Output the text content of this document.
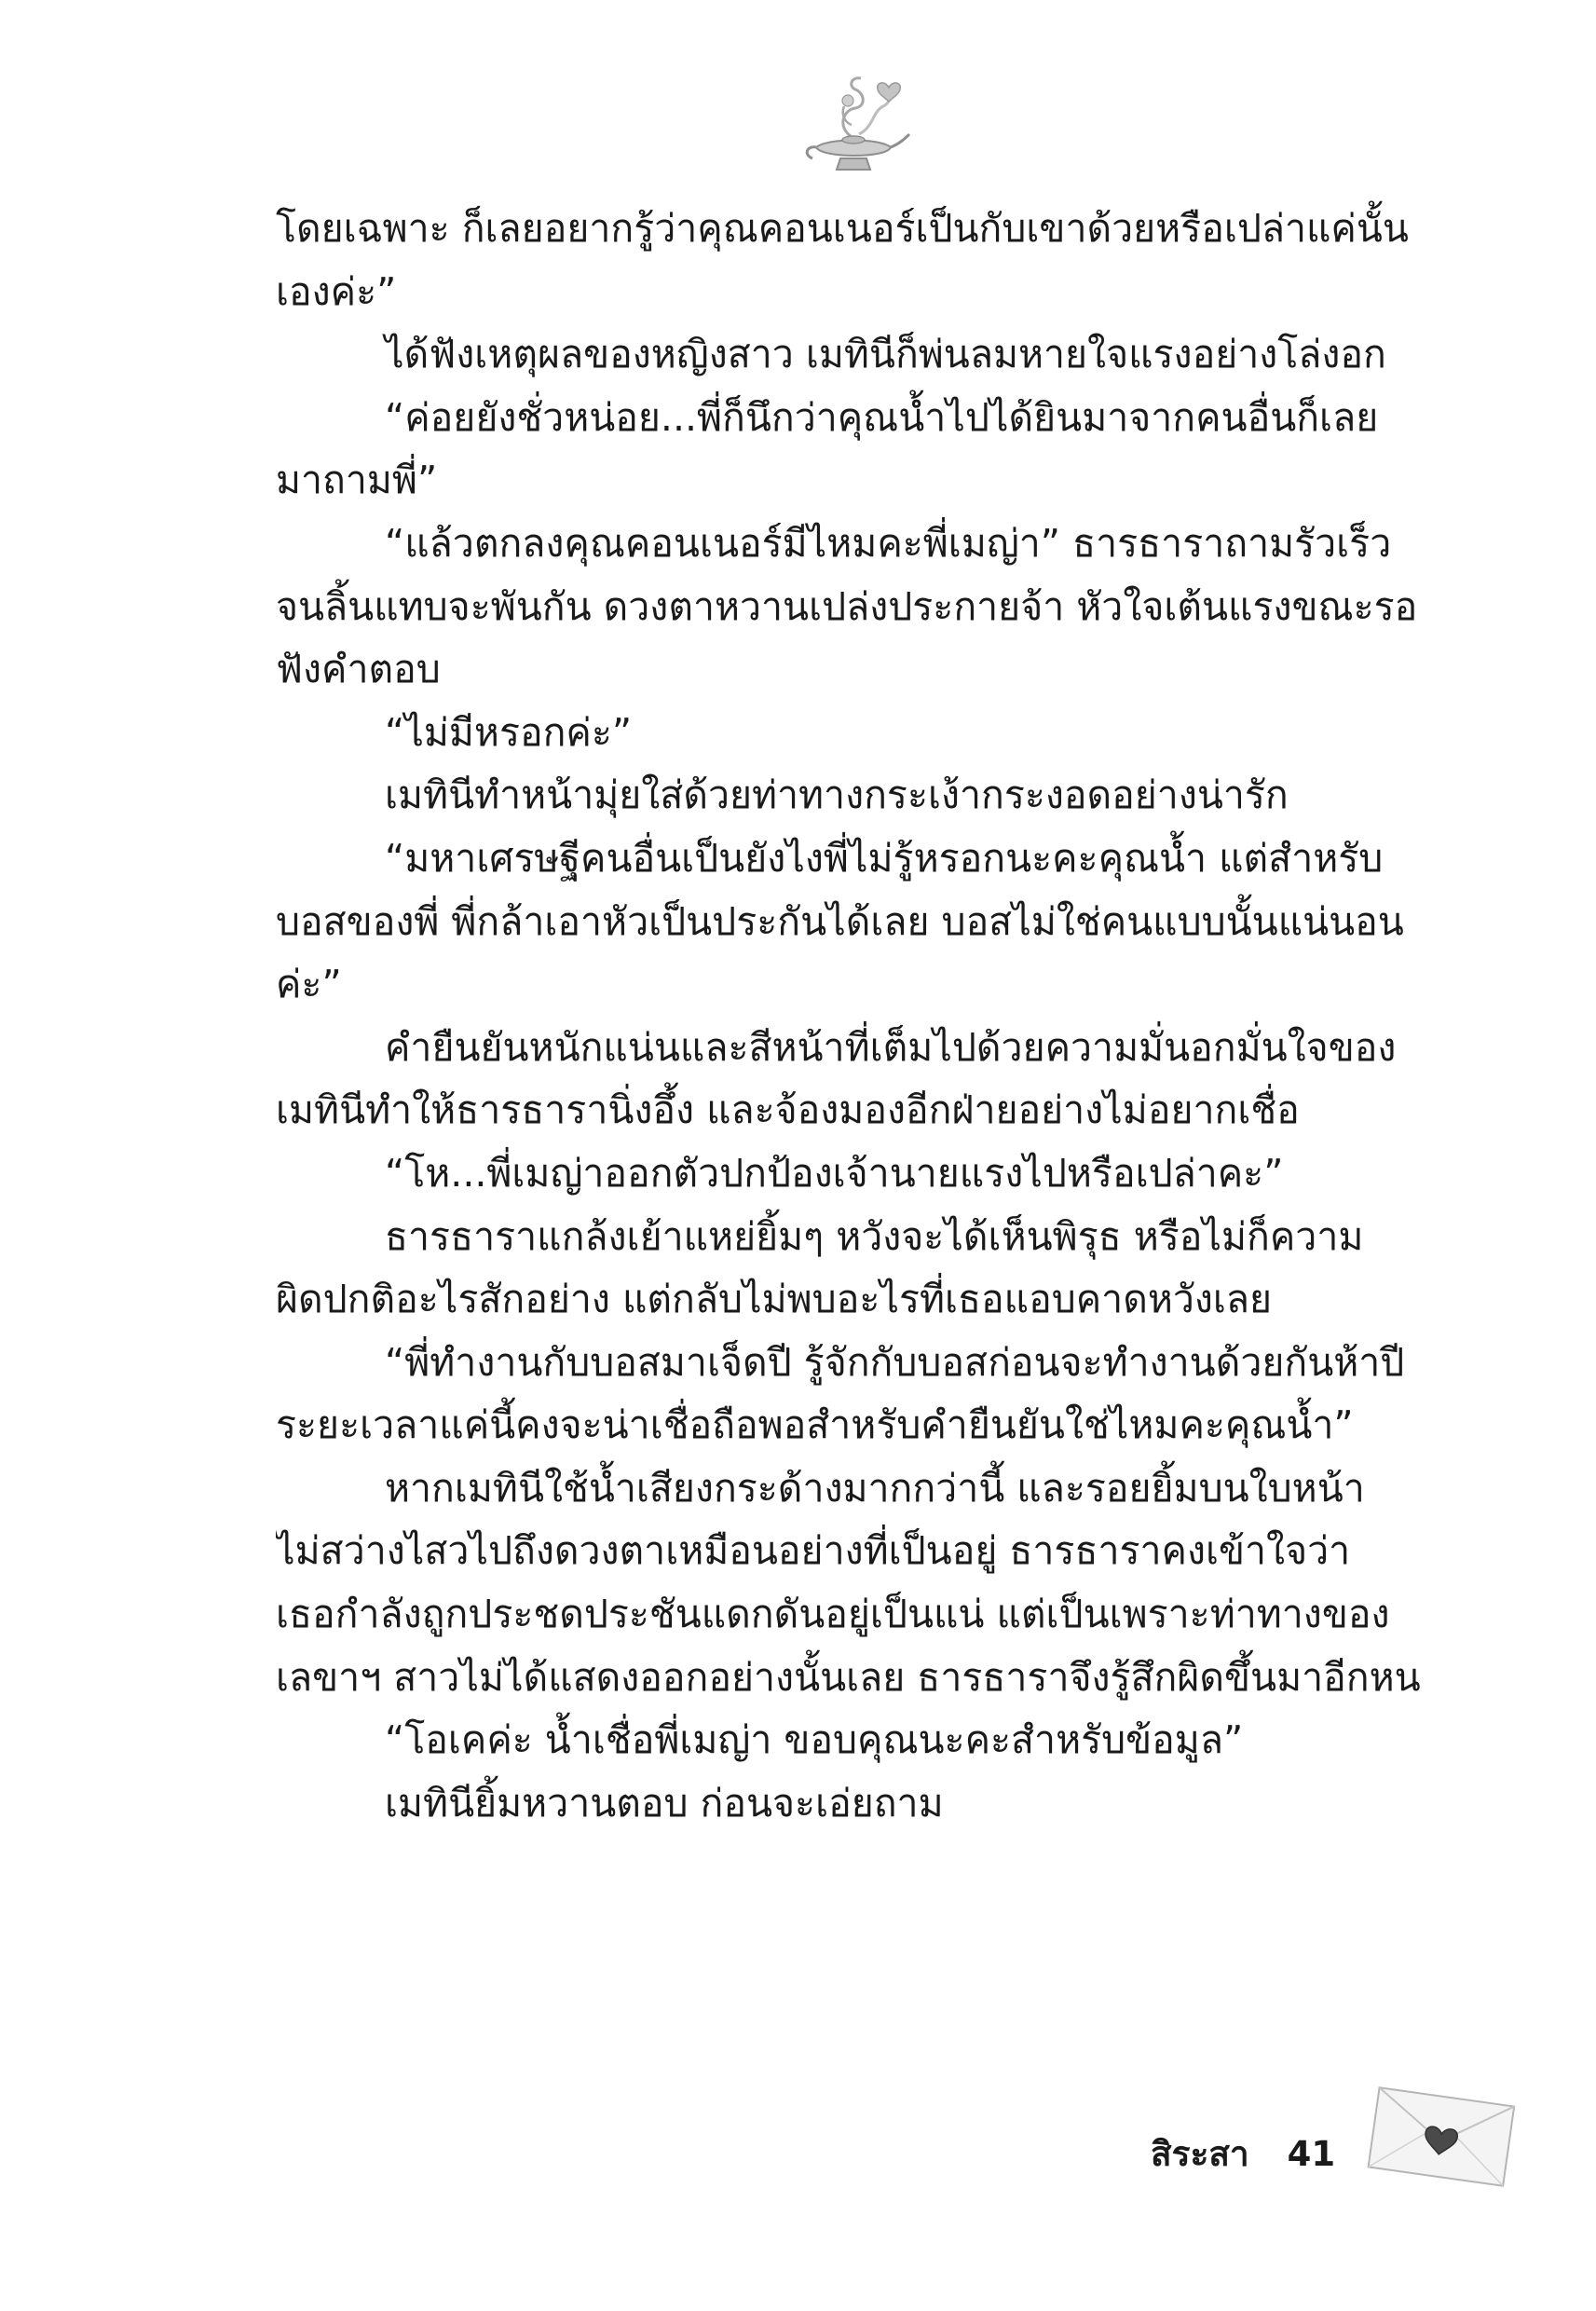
โดยเฉพาะ ก็เลยอยากรู้ว่าคุณคอนเนอร์เป็นกับเขาด้วยหรือเปล่าแค่นั้น

เองค่ะ”

ได้ฟังเหตุผลของหญิงสาว เมทินีก็พ่นลมหายใจแรงอย่างโล่งอก

“ค่อยยังชั่วหน่อย...พี่ก็นึกว่าคุณน้ำไปได้ยินมาจากคนอื่นก็เลย

มาถามพี่”

“แล้วตกลงคุณคอนเนอร์มีไหมคะพี่เมญ่า” ธารธาราถามรัวเร็ว

จนลิ้นแทบจะพันกัน ดวงตาหวานเปล่งประกายจ้า หัวใจเต้นแรงขณะรอ

ฟังคำตอบ

“ไม่มีหรอกค่ะ”

เมทินีทำหน้ามุ่ยใส่ด้วยท่าทางกระเง้ากระงอดอย่างน่ารัก

“มหาเศรษฐีคนอื่นเป็นยังไงพี่ไม่รู้หรอกนะคะคุณน้ำ แต่สำหรับ

บอสของพี่ พี่กล้าเอาหัวเป็นประกันได้เลย บอสไม่ใช่คนแบบนั้นแน่นอน

ค่ะ”

คำยืนยันหนักแน่นและสีหน้าที่เต็มไปด้วยความมั่นอกมั่นใจของ

เมทินีทำให้ธารธารานิ่งอึ้ง และจ้องมองอีกฝ่ายอย่างไม่อยากเชื่อ

“โห...พี่เมญ่าออกตัวปกป้องเจ้านายแรงไปหรือเปล่าคะ”

ธารธาราแกล้งเย้าแหย่ยิ้มๆ หวังจะได้เห็นพิรุธ หรือไม่ก็ความ

ผิดปกติอะไรสักอย่าง แต่กลับไม่พบอะไรที่เธอแอบคาดหวังเลย

“พี่ทำงานกับบอสมาเจ็ดปี รู้จักกับบอสก่อนจะทำงานด้วยกันห้าปี

ระยะเวลาแค่นี้คงจะน่าเชื่อถือพอสำหรับคำยืนยันใช่ไหมคะคุณน้ำ”

หากเมทินีใช้น้ำเสียงกระด้างมากกว่านี้ และรอยยิ้มบนใบหน้า

ไม่สว่างไสวไปถึงดวงตาเหมือนอย่างที่เป็นอยู่ ธารธาราคงเข้าใจว่า

เธอกำลังถูกประชดประชันแดกดันอยู่เป็นแน่ แต่เป็นเพราะท่าทางของ

เลขาฯ สาวไม่ได้แสดงออกอย่างนั้นเลย ธารธาราจึงรู้สึกผิดขึ้นมาอีกหน

“โอเคค่ะ น้ำเชื่อพี่เมญ่า ขอบคุณนะคะสำหรับข้อมูล”

เมทินียิ้มหวานตอบ ก่อนจะเอ่ยถาม

สิระสา 41
